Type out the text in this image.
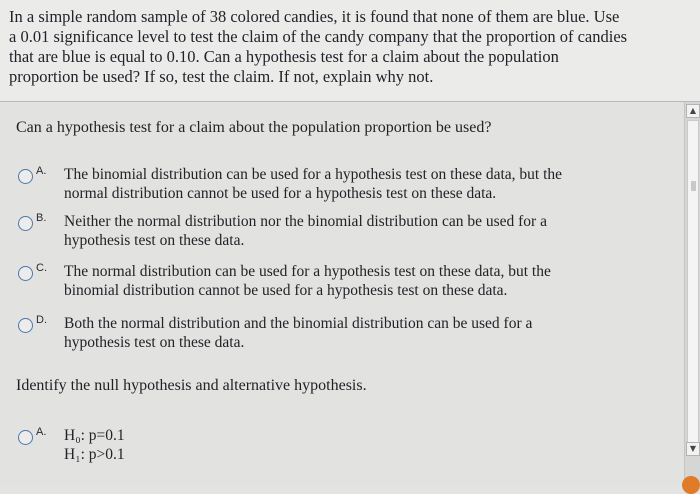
In a simple random sample of 38 colored candies, it is found that none of them are blue. Use
a 0.01 significance level to test the claim of the candy company that the proportion of candies
that are blue is equal to 0.10. Can a hypothesis test for a claim about the population
proportion be used? If so, test the claim. If not, explain why not.

Can a hypothesis test for a claim about the population proportion be used?

A. The binomial distribution can be used for a hypothesis test on these data, but the
normal distribution cannot be used for a hypothesis test on these data.
B. Neither the normal distribution nor the binomial distribution can be used for a
hypothesis test on these data.
C. The normal distribution can be used for a hypothesis test on these data, but the
binomial distribution cannot be used for a hypothesis test on these data.
D. Both the normal distribution and the binomial distribution can be used for a
hypothesis test on these data.

Identify the null hypothesis and alternative hypothesis.

A. H₀: p=0.1
H₁: p>0.1
▲
▼
